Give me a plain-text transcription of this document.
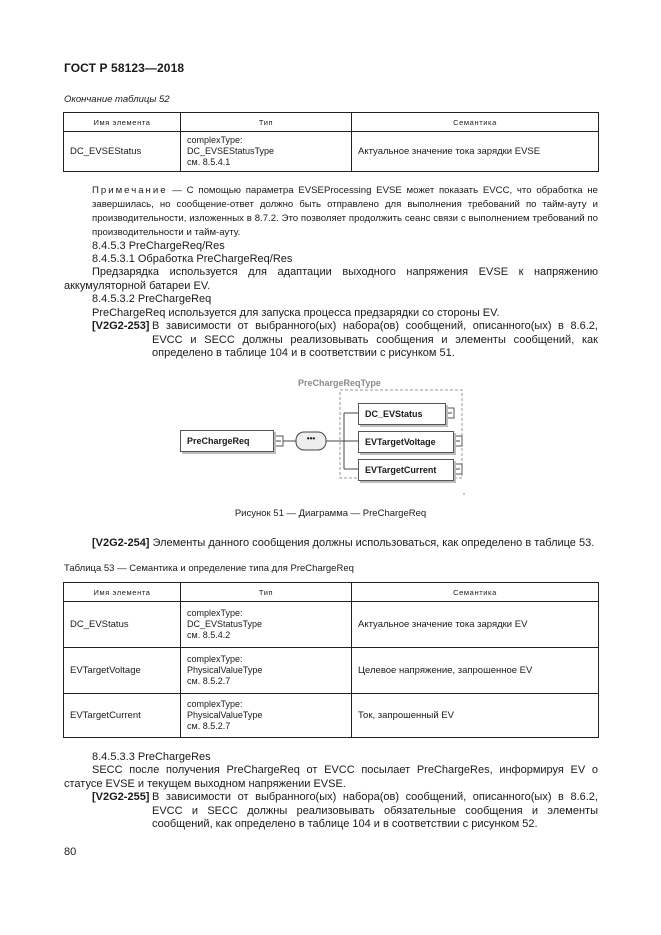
ГОСТ Р 58123—2018
Окончание таблицы 52
Имя элемента	Тип	Семантика
DC_EVSEStatus	complexType:
DC_EVSEStatusType
см. 8.5.4.1	Актуальное значение тока зарядки EVSE
Примечание — С помощью параметра EVSEProcessing EVSE может показать EVCC, что обработка не завершилась, но сообщение-ответ должно быть отправлено для выполнения требований по тайм-ауту и производительности, изложенных в 8.7.2. Это позволяет продолжить сеанс связи с выполнением требований по производительности и тайм-ауту.
8.4.5.3 PreChargeReq/Res
8.4.5.3.1 Обработка PreChargeReq/Res
Предзарядка используется для адаптации выходного напряжения EVSE к напряжению аккумуляторной батареи EV.
8.4.5.3.2 PreChargeReq
PreChargeReq используется для запуска процесса предзарядки со стороны EV.
[V2G2-253] В зависимости от выбранного(ых) набора(ов) сообщений, описанного(ых) в 8.6.2, EVCC и SECC должны реализовывать сообщения и элементы сообщений, как определено в таблице 104 и в соответствии с рисунком 51.
PreChargeReqType
PreChargeReq	•••
DC_EVStatus
EVTargetVoltage
EVTargetCurrent
Рисунок 51 — Диаграмма — PreChargeReq
[V2G2-254] Элементы данного сообщения должны использоваться, как определено в таблице 53.
Таблица 53 — Семантика и определение типа для PreChargeReq
Имя элемента	Тип	Семантика
DC_EVStatus	complexType:
DC_EVStatusType
см. 8.5.4.2	Актуальное значение тока зарядки EV
EVTargetVoltage	complexType:
PhysicalValueType
см. 8.5.2.7	Целевое напряжение, запрошенное EV
EVTargetCurrent	complexType:
PhysicalValueType
см. 8.5.2.7	Ток, запрошенный EV
8.4.5.3.3 PreChargeRes
SECC после получения PreChargeReq от EVCC посылает PreChargeRes, информируя EV о статусе EVSE и текущем выходном напряжении EVSE.
[V2G2-255] В зависимости от выбранного(ых) набора(ов) сообщений, описанного(ых) в 8.6.2, EVCC и SECC должны реализовывать обязательные сообщения и элементы сообщений, как определено в таблице 104 и в соответствии с рисунком 52.
80
